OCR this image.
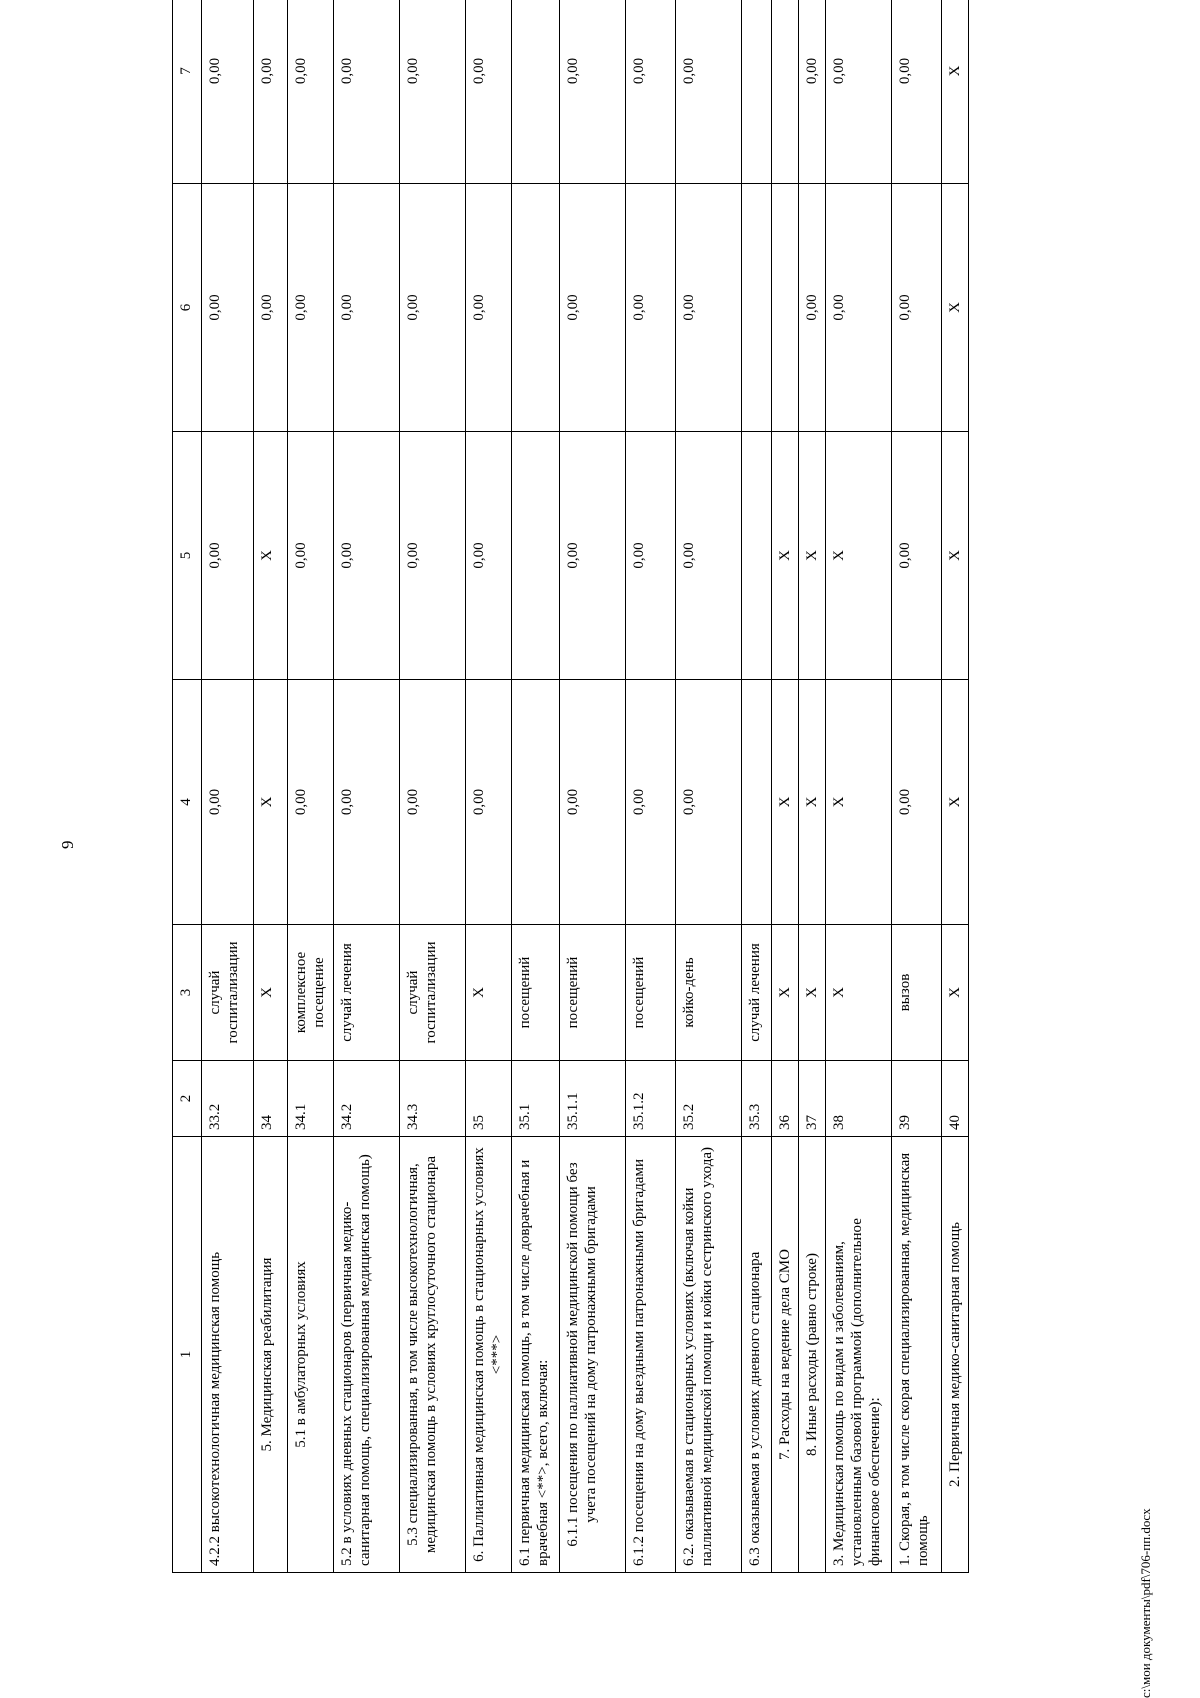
9
1	2	3	4	5	6	7
4.2.2 высокотехнологичная медицинская помощь	33.2	случай госпитализации	0,00	0,00	0,00	0,00
5. Медицинская реабилитация	34	X	X	X	0,00	0,00
5.1 в амбулаторных условиях	34.1	комплексное посещение	0,00	0,00	0,00	0,00
5.2 в условиях дневных стационаров (первичная медико-санитарная помощь, специализированная медицинская помощь)	34.2	случай лечения	0,00	0,00	0,00	0,00
5.3 специализированная, в том числе высокотехнологичная, медицинская помощь в условиях круглосуточного стационара	34.3	случай госпитализации	0,00	0,00	0,00	0,00
6. Паллиативная медицинская помощь в стационарных условиях <***>	35	X	0,00	0,00	0,00	0,00
6.1 первичная медицинская помощь, в том числе доврачебная и врачебная <**>, всего, включая:	35.1	посещений				
6.1.1 посещения по паллиативной медицинской помощи без учета посещений на дому патронажными бригадами	35.1.1	посещений	0,00	0,00	0,00	0,00
6.1.2 посещения на дому выездными патронажными бригадами	35.1.2	посещений	0,00	0,00	0,00	0,00
6.2. оказываемая в стационарных условиях (включая койки паллиативной медицинской помощи и койки сестринского ухода)	35.2	койко-день	0,00	0,00	0,00	0,00
6.3 оказываемая в условиях дневного стационара	35.3	случай лечения				
7. Расходы на ведение дела СМО	36	X	X	X		
8. Иные расходы (равно строке)	37	X	X	X	0,00	0,00
3. Медицинская помощь по видам и заболеваниям, установленным базовой программой (дополнительное финансовое обеспечение):	38	X	X	X	0,00	0,00
1. Скорая, в том числе скорая специализированная, медицинская помощь	39	вызов	0,00	0,00	0,00	0,00
2. Первичная медико-санитарная помощь	40	X	X	X	X	X
c:\мои документы\pdf\706-пп.docx
